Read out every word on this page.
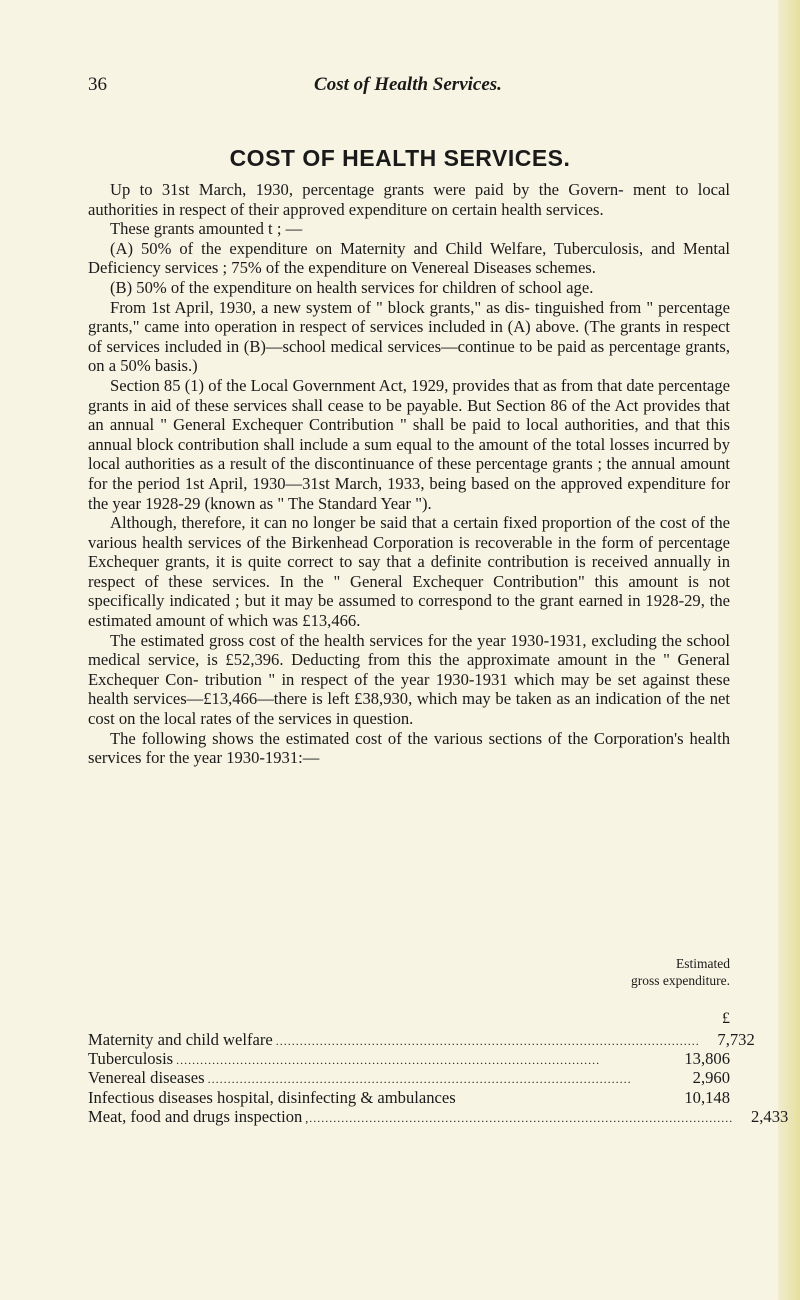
36	Cost of Health Services.
COST OF HEALTH SERVICES.

Up to 31st March, 1930, percentage grants were paid by the Govern- ment to local authorities in respect of their approved expenditure on certain health services.

These grants amounted t ; —

(A) 50% of the expenditure on Maternity and Child Welfare, Tuberculosis, and Mental Deficiency services ; 75% of the expenditure on Venereal Diseases schemes.

(B) 50% of the expenditure on health services for children of school age.

From 1st April, 1930, a new system of " block grants," as dis- tinguished from " percentage grants," came into operation in respect of services included in (A) above. (The grants in respect of services included in (B)—school medical services—continue to be paid as percentage grants, on a 50% basis.)

Section 85 (1) of the Local Government Act, 1929, provides that as from that date percentage grants in aid of these services shall cease to be payable. But Section 86 of the Act provides that an annual " General Exchequer Contribution " shall be paid to local authorities, and that this annual block contribution shall include a sum equal to the amount of the total losses incurred by local authorities as a result of the discontinuance of these percentage grants ; the annual amount for the period 1st April, 1930—31st March, 1933, being based on the approved expenditure for the year 1928-29 (known as " The Standard Year ").

Although, therefore, it can no longer be said that a certain fixed proportion of the cost of the various health services of the Birkenhead Corporation is recoverable in the form of percentage Exchequer grants, it is quite correct to say that a definite contribution is received annually in respect of these services. In the " General Exchequer Contribution" this amount is not specifically indicated ; but it may be assumed to correspond to the grant earned in 1928-29, the estimated amount of which was £13,466.

The estimated gross cost of the health services for the year 1930-1931, excluding the school medical service, is £52,396. Deducting from this the approximate amount in the " General Exchequer Con- tribution " in respect of the year 1930-1931 which may be set against these health services—£13,466—there is left £38,930, which may be taken as an indication of the net cost on the local rates of the services in question.

The following shows the estimated cost of the various sections of the Corporation's health services for the year 1930-1931:—

Estimated
gross expenditure.
£
Maternity and child welfare ..........................................................................................................	7,732
Tuberculosis ..........................................................................................................	13,806
Venereal diseases ..........................................................................................................	2,960
Infectious diseases hospital, disinfecting & ambulances	10,148
Meat, food and drugs inspection ,..........................................................................................................	2,433
